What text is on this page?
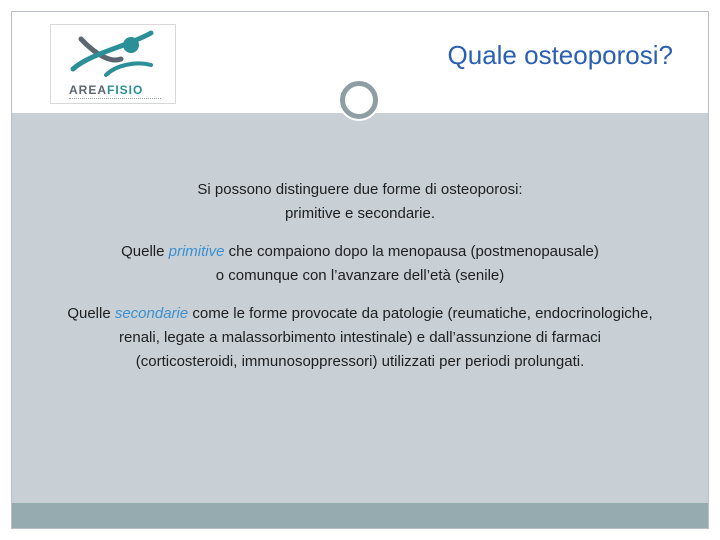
AREAFISIO
Quale osteoporosi?

Si possono distinguere due forme di osteoporosi:
primitive e secondarie.

Quelle primitive che compaiono dopo la menopausa (postmenopausale)
o comunque con l’avanzare dell’età (senile)

Quelle secondarie come le forme provocate da patologie (reumatiche, endocrinologiche,
renali, legate a malassorbimento intestinale) e dall’assunzione di farmaci
(corticosteroidi, immunosoppressori) utilizzati per periodi prolungati.
